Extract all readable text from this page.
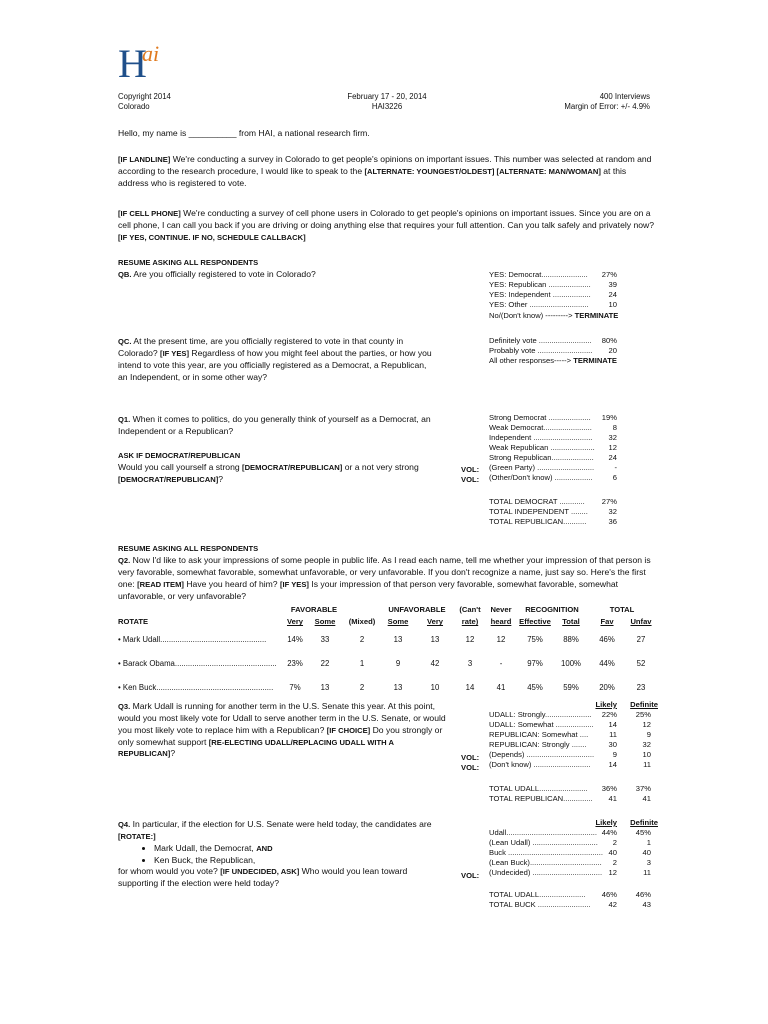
H
ai
Copyright 2014
Colorado
February 17 - 20, 2014
HAI3226
400 Interviews
Margin of Error: +/- 4.9%
Hello, my name is __________ from HAI, a national research firm.
[IF LANDLINE] We're conducting a survey in Colorado to get people's opinions on important issues. This number was selected at random and according to the research procedure, I would like to speak to the [ALTERNATE: YOUNGEST/OLDEST] [ALTERNATE: MAN/WOMAN] at this address who is registered to vote.
[IF CELL PHONE] We're conducting a survey of cell phone users in Colorado to get people's opinions on important issues. Since you are on a cell phone, I can call you back if you are driving or doing anything else that requires your full attention. Can you talk safely and privately now? [IF YES, CONTINUE. IF NO, SCHEDULE CALLBACK]
RESUME ASKING ALL RESPONDENTS
QB. Are you officially registered to vote in Colorado?	YES: Democrat......................	27%
YES: Republican ....................	39
YES: Independent ..................	24
YES: Other ............................	10
No/(Don't know) ---------> TERMINATE
QC. At the present time, are you officially registered to vote in that county in Colorado? [IF YES] Regardless of how you might feel about the parties, or how you intend to vote this year, are you officially registered as a Democrat, a Republican, an Independent, or in some other way?
Definitely vote .........................	80%
Probably vote ..........................	20
All other responses-----> TERMINATE
Q1. When it comes to politics, do you generally think of yourself as a Democrat, an Independent or a Republican?
ASK IF DEMOCRAT/REPUBLICAN
Would you call yourself a strong [DEMOCRAT/REPUBLICAN] or a not very strong [DEMOCRAT/REPUBLICAN]?
VOL:
VOL:
Strong Democrat ....................	19%
Weak Democrat.......................	8
Independent ............................	32
Weak Republican .....................	12
Strong Republican....................	24
(Green Party) ...........................	-
(Other/Don't know) ..................	6
TOTAL DEMOCRAT ............	27%
TOTAL INDEPENDENT ........	32
TOTAL REPUBLICAN...........	36
RESUME ASKING ALL RESPONDENTS
Q2. Now I'd like to ask your impressions of some people in public life. As I read each name, tell me whether your impression of that person is very favorable, somewhat favorable, somewhat unfavorable, or very unfavorable. If you don't recognize a name, just say so. Here's the first one: [READ ITEM] Have you heard of him? [IF YES] Is your impression of that person very favorable, somewhat favorable, somewhat unfavorable, or very unfavorable?
	FAVORABLE			UNFAVORABLE		(Can't	Never	RECOGNITION		TOTAL	
ROTATE	Very	Some	(Mixed)	Some	Very	rate)	heard	Effective	Total	Fav	Unfav
• Mark Udall.................................................	14%	33	2	13	13	12	12	75%	88%	46%	27
• Barack Obama...............................................	23%	22	1	9	42	3	-	97%	100%	44%	52
• Ken Buck......................................................	7%	13	2	13	10	14	41	45%	59%	20%	23
Q3. Mark Udall is running for another term in the U.S. Senate this year. At this point, would you most likely vote for Udall to serve another term in the U.S. Senate, or would you most likely vote to replace him with a Republican? [IF CHOICE] Do you strongly or only somewhat support [RE-ELECTING UDALL/REPLACING UDALL WITH A REPUBLICAN]?
Likely	Definite
VOL:
VOL:
UDALL: Strongly......................	22%	25%
UDALL: Somewhat ..................	14	12
REPUBLICAN: Somewhat ....	11	9
REPUBLICAN: Strongly .......	30	32
(Depends) ................................	9	10
(Don't know) ...........................	14	11
TOTAL UDALL.......................	36%	37%
TOTAL REPUBLICAN..............	41	41
Q4. In particular, if the election for U.S. Senate were held today, the candidates are [ROTATE:]
• Mark Udall, the Democrat, AND
• Ken Buck, the Republican,
for whom would you vote? [IF UNDECIDED, ASK] Who would you lean toward supporting if the election were held today?
Likely	Definite
VOL:
Udall........................................... 44%	45%
(Lean Udall) ...............................	2	1
Buck ............................................. 40	40
(Lean Buck)..................................	2	3
(Undecided) ................................. 12	11
TOTAL UDALL......................	46%	46%
TOTAL BUCK .........................	42	43
